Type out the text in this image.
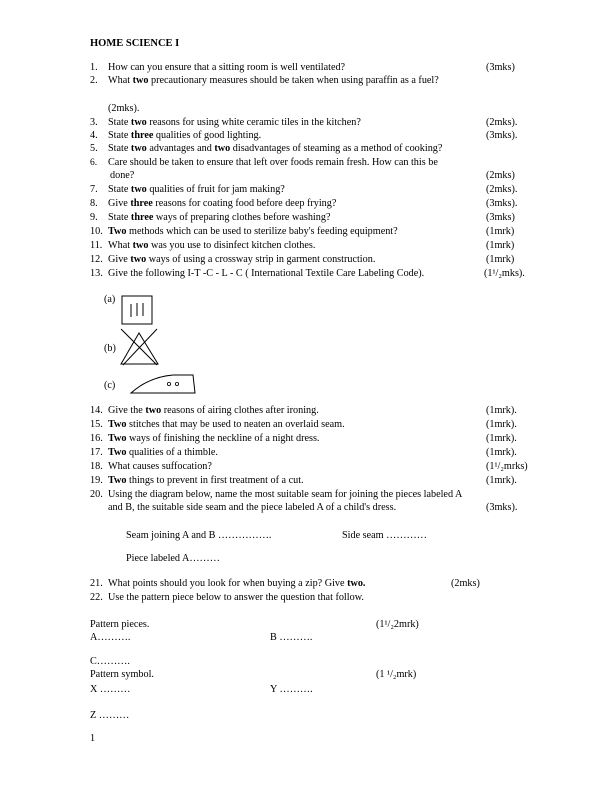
HOME SCIENCE I
1. How can you ensure that a sitting room is well ventilated?	(3mks)
2. What two precautionary measures should be taken when using paraffin as a fuel?
(2mks).
3. State two reasons for using white ceramic tiles in the kitchen?	(2mks).
4. State three qualities of good lighting.	(3mks).
5. State two advantages and two disadvantages of steaming as a method of cooking?
6. Care should be taken to ensure that left over foods remain fresh. How can this be
done?	(2mks)
7. State two qualities of fruit for jam making?	(2mks).
8. Give three reasons for coating food before deep frying?	(3mks).
9. State three ways of preparing clothes before washing?	(3mks)
10. Two methods which can be used to sterilize baby's feeding equipment?	(1mrk)
11. What two was you use to disinfect kitchen clothes.	(1mrk)
12. Give two ways of using a crossway strip in garment construction.	(1mrk)
13. Give the following I-T -C - L - C ( International Textile Care Labeling Code).	(1¹/₂mks).
(a)
(b)
(c)
14. Give the two reasons of airing clothes after ironing.	(1mrk).
15. Two stitches that may be used to neaten an overlaid seam.	(1mrk).
16. Two ways of finishing the neckline of a night dress.	(1mrk).
17. Two qualities of a thimble.	(1mrk).
18. What causes suffocation?	(1¹/₂mrks)
19. Two things to prevent in first treatment of a cut.	(1mrk).
20. Using the diagram below, name the most suitable seam for joining the pieces labeled A
and B, the suitable side seam and the piece labeled A of a child's dress.	(3mks).
Seam joining A and B …………….	Side seam …………
Piece labeled A………
21. What points should you look for when buying a zip? Give two.	(2mks)
22. Use the pattern piece below to answer the question that follow.
Pattern pieces.	(1¹/₂2mrk)
A……….	B ……….
C……….
Pattern symbol.	(1 ¹/₂mrk)
X ………	Y ……….
Z ………
1
